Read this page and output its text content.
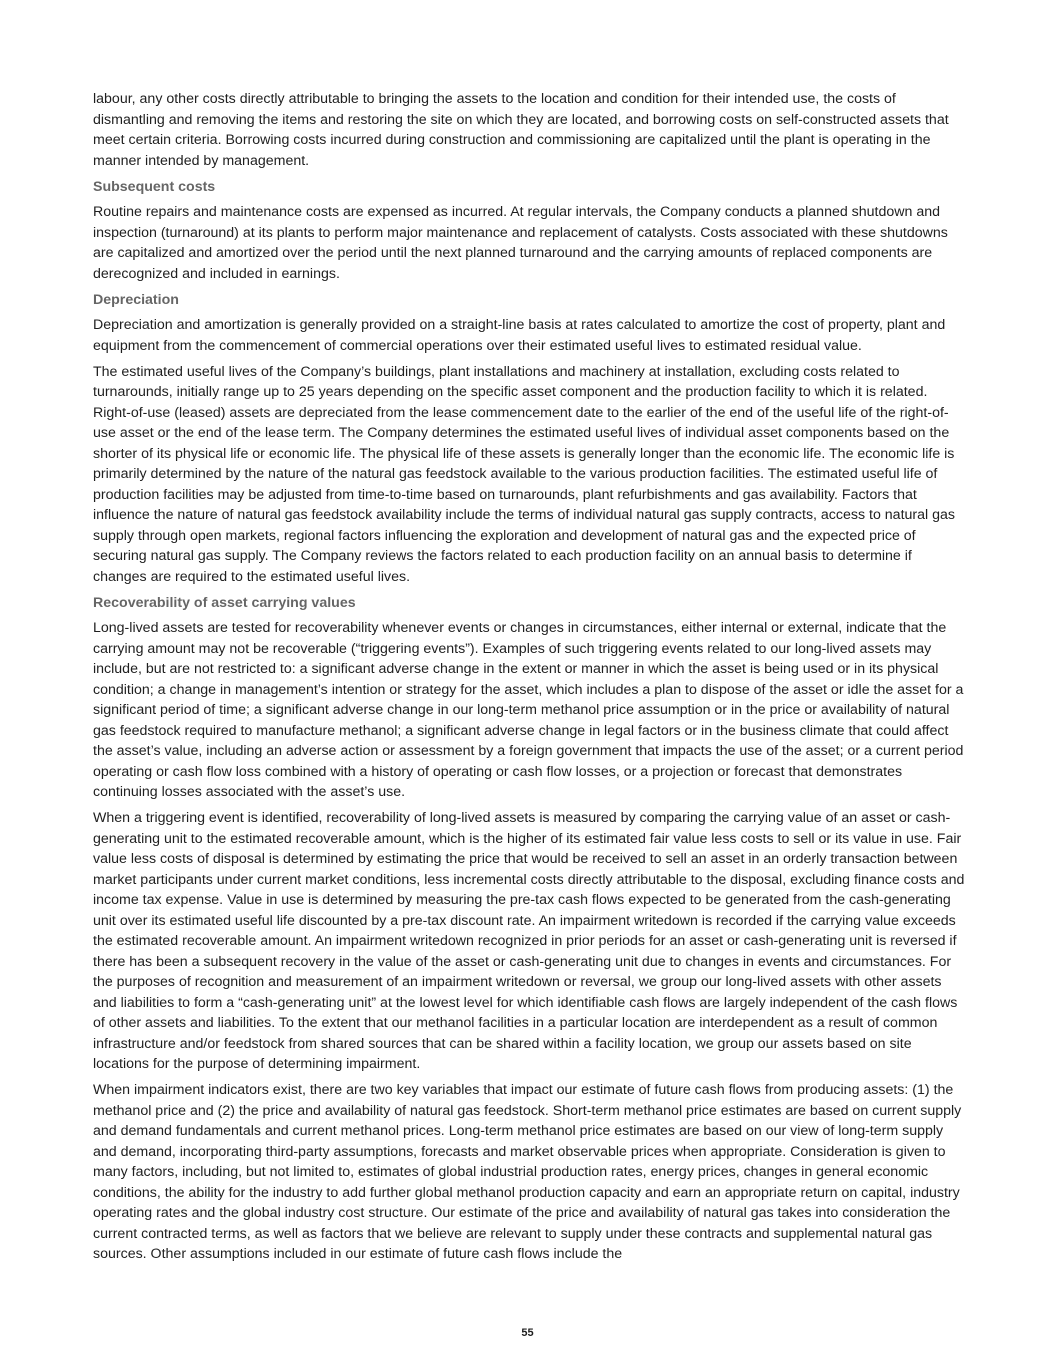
labour, any other costs directly attributable to bringing the assets to the location and condition for their intended use, the costs of dismantling and removing the items and restoring the site on which they are located, and borrowing costs on self-constructed assets that meet certain criteria. Borrowing costs incurred during construction and commissioning are capitalized until the plant is operating in the manner intended by management.

Subsequent costs

Routine repairs and maintenance costs are expensed as incurred. At regular intervals, the Company conducts a planned shutdown and inspection (turnaround) at its plants to perform major maintenance and replacement of catalysts. Costs associated with these shutdowns are capitalized and amortized over the period until the next planned turnaround and the carrying amounts of replaced components are derecognized and included in earnings.

Depreciation

Depreciation and amortization is generally provided on a straight-line basis at rates calculated to amortize the cost of property, plant and equipment from the commencement of commercial operations over their estimated useful lives to estimated residual value.

The estimated useful lives of the Company’s buildings, plant installations and machinery at installation, excluding costs related to turnarounds, initially range up to 25 years depending on the specific asset component and the production facility to which it is related. Right-of-use (leased) assets are depreciated from the lease commencement date to the earlier of the end of the useful life of the right-of-use asset or the end of the lease term. The Company determines the estimated useful lives of individual asset components based on the shorter of its physical life or economic life. The physical life of these assets is generally longer than the economic life. The economic life is primarily determined by the nature of the natural gas feedstock available to the various production facilities. The estimated useful life of production facilities may be adjusted from time-to-time based on turnarounds, plant refurbishments and gas availability. Factors that influence the nature of natural gas feedstock availability include the terms of individual natural gas supply contracts, access to natural gas supply through open markets, regional factors influencing the exploration and development of natural gas and the expected price of securing natural gas supply. The Company reviews the factors related to each production facility on an annual basis to determine if changes are required to the estimated useful lives.

Recoverability of asset carrying values

Long-lived assets are tested for recoverability whenever events or changes in circumstances, either internal or external, indicate that the carrying amount may not be recoverable (“triggering events”). Examples of such triggering events related to our long-lived assets may include, but are not restricted to: a significant adverse change in the extent or manner in which the asset is being used or in its physical condition; a change in management’s intention or strategy for the asset, which includes a plan to dispose of the asset or idle the asset for a significant period of time; a significant adverse change in our long-term methanol price assumption or in the price or availability of natural gas feedstock required to manufacture methanol; a significant adverse change in legal factors or in the business climate that could affect the asset’s value, including an adverse action or assessment by a foreign government that impacts the use of the asset; or a current period operating or cash flow loss combined with a history of operating or cash flow losses, or a projection or forecast that demonstrates continuing losses associated with the asset’s use.

When a triggering event is identified, recoverability of long-lived assets is measured by comparing the carrying value of an asset or cash-generating unit to the estimated recoverable amount, which is the higher of its estimated fair value less costs to sell or its value in use. Fair value less costs of disposal is determined by estimating the price that would be received to sell an asset in an orderly transaction between market participants under current market conditions, less incremental costs directly attributable to the disposal, excluding finance costs and income tax expense. Value in use is determined by measuring the pre-tax cash flows expected to be generated from the cash-generating unit over its estimated useful life discounted by a pre-tax discount rate. An impairment writedown is recorded if the carrying value exceeds the estimated recoverable amount. An impairment writedown recognized in prior periods for an asset or cash-generating unit is reversed if there has been a subsequent recovery in the value of the asset or cash-generating unit due to changes in events and circumstances. For the purposes of recognition and measurement of an impairment writedown or reversal, we group our long-lived assets with other assets and liabilities to form a “cash-generating unit” at the lowest level for which identifiable cash flows are largely independent of the cash flows of other assets and liabilities. To the extent that our methanol facilities in a particular location are interdependent as a result of common infrastructure and/or feedstock from shared sources that can be shared within a facility location, we group our assets based on site locations for the purpose of determining impairment.

When impairment indicators exist, there are two key variables that impact our estimate of future cash flows from producing assets: (1) the methanol price and (2) the price and availability of natural gas feedstock. Short-term methanol price estimates are based on current supply and demand fundamentals and current methanol prices. Long-term methanol price estimates are based on our view of long-term supply and demand, incorporating third-party assumptions, forecasts and market observable prices when appropriate. Consideration is given to many factors, including, but not limited to, estimates of global industrial production rates, energy prices, changes in general economic conditions, the ability for the industry to add further global methanol production capacity and earn an appropriate return on capital, industry operating rates and the global industry cost structure. Our estimate of the price and availability of natural gas takes into consideration the current contracted terms, as well as factors that we believe are relevant to supply under these contracts and supplemental natural gas sources. Other assumptions included in our estimate of future cash flows include the

55
